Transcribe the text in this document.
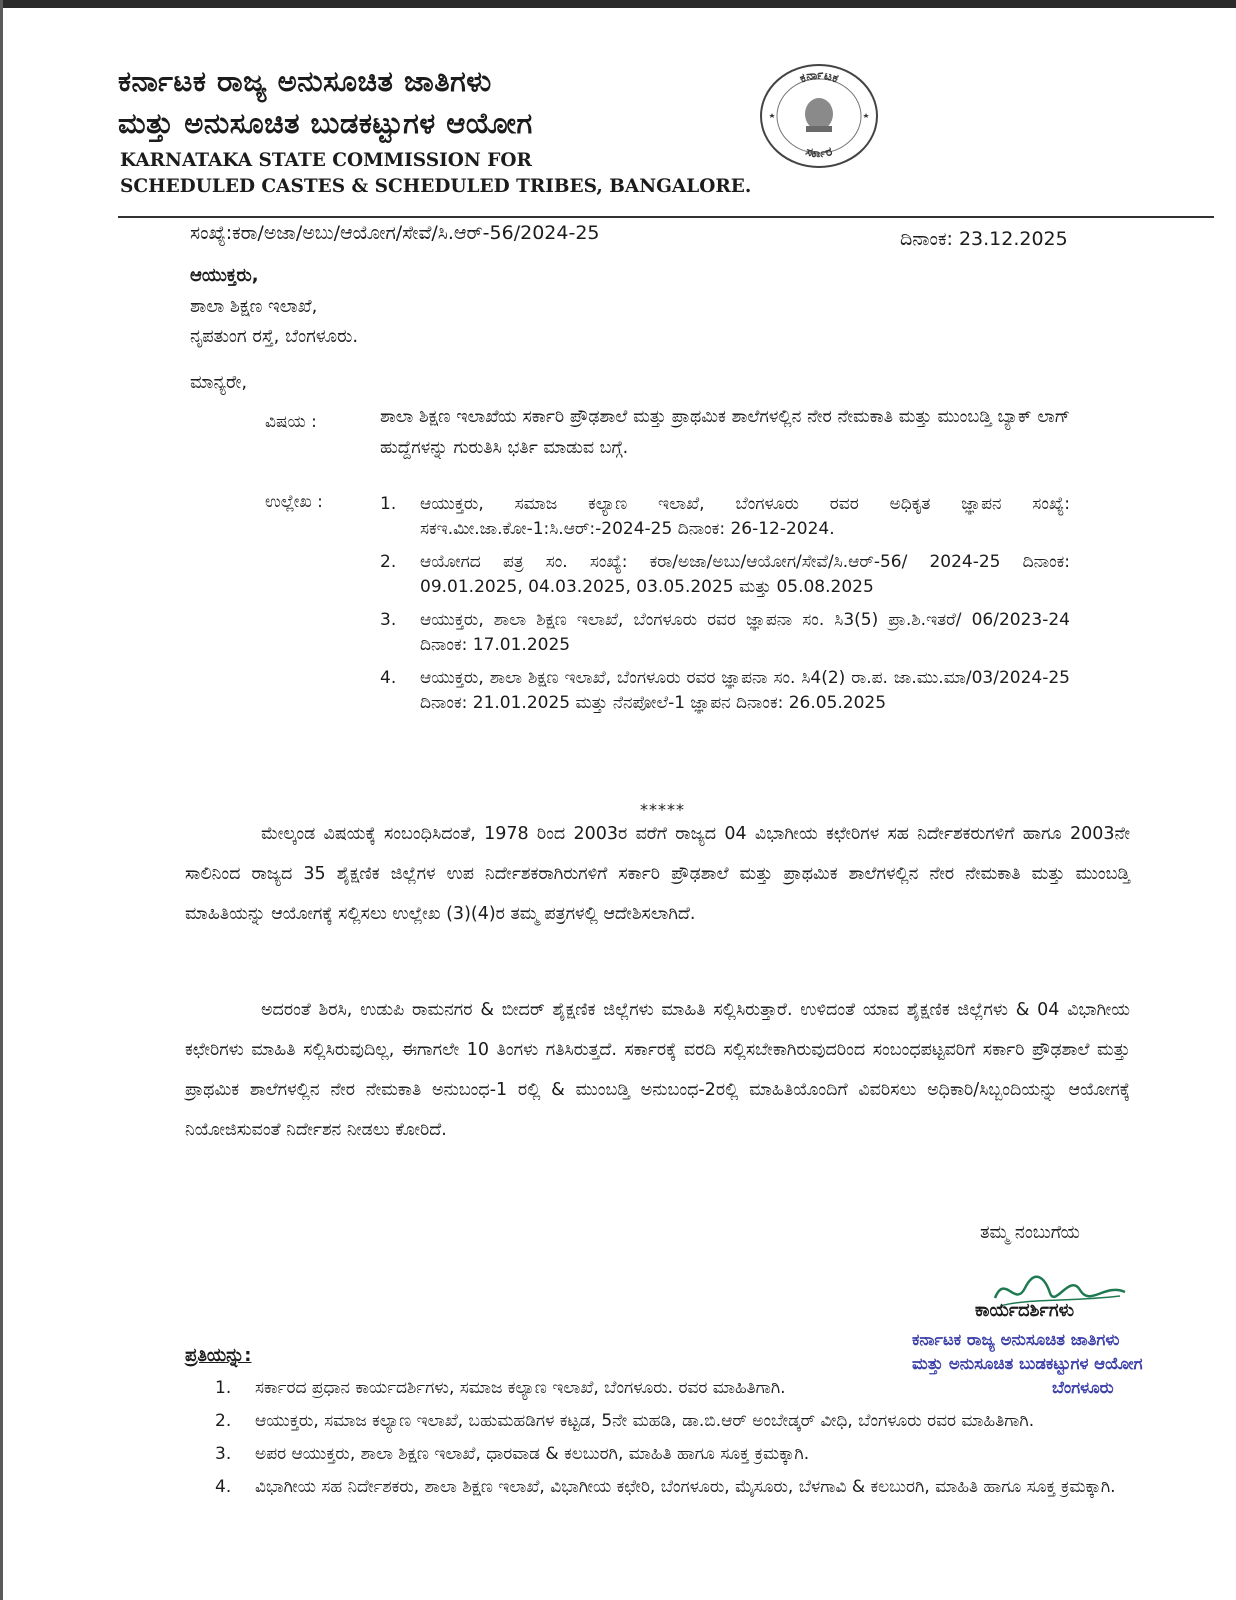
ಕರ್ನಾಟಕ ರಾಜ್ಯ ಅನುಸೂಚಿತ ಜಾತಿಗಳು
ಮತ್ತು ಅನುಸೂಚಿತ ಬುಡಕಟ್ಟುಗಳ ಆಯೋಗ
KARNATAKA STATE COMMISSION FOR
SCHEDULED CASTES & SCHEDULED TRIBES, BANGALORE.
ಕರ್ನಾಟಕ
ಸರ್ಕಾರ
ಸಂಖ್ಯೆ:ಕರಾ/ಅಜಾ/ಅಬು/ಆಯೋಗ/ಸೇವೆ/ಸಿ.ಆರ್-56/2024-25	ದಿನಾಂಕ: 23.12.2025
ಆಯುಕ್ತರು,
ಶಾಲಾ ಶಿಕ್ಷಣ ಇಲಾಖೆ,
ನೃಪತುಂಗ ರಸ್ತೆ, ಬೆಂಗಳೂರು.
ಮಾನ್ಯರೇ,
ವಿಷಯ :	ಶಾಲಾ ಶಿಕ್ಷಣ ಇಲಾಖೆಯ ಸರ್ಕಾರಿ ಪ್ರೌಢಶಾಲೆ ಮತ್ತು ಪ್ರಾಥಮಿಕ ಶಾಲೆಗಳಲ್ಲಿನ ನೇರ ನೇಮಕಾತಿ ಮತ್ತು ಮುಂಬಡ್ತಿ ಬ್ಯಾಕ್ ಲಾಗ್ ಹುದ್ದೆಗಳನ್ನು ಗುರುತಿಸಿ ಭರ್ತಿ ಮಾಡುವ ಬಗ್ಗೆ.
ಉಲ್ಲೇಖ :	1.	ಆಯುಕ್ತರು, ಸಮಾಜ ಕಲ್ಯಾಣ ಇಲಾಖೆ, ಬೆಂಗಳೂರು ರವರ ಅಧಿಕೃತ ಜ್ಞಾಪನ ಸಂಖ್ಯೆ: ಸಕಇ.ಮೀ.ಜಾ.ಕೋ-1:ಸಿ.ಆರ್:-2024-25 ದಿನಾಂಕ: 26-12-2024.
2.	ಆಯೋಗದ ಪತ್ರ ಸಂ. ಸಂಖ್ಯೆ: ಕರಾ/ಅಜಾ/ಅಬು/ಆಯೋಗ/ಸೇವೆ/ಸಿ.ಆರ್-56/ 2024-25 ದಿನಾಂಕ: 09.01.2025, 04.03.2025, 03.05.2025 ಮತ್ತು 05.08.2025
3.	ಆಯುಕ್ತರು, ಶಾಲಾ ಶಿಕ್ಷಣ ಇಲಾಖೆ, ಬೆಂಗಳೂರು ರವರ ಜ್ಞಾಪನಾ ಸಂ. ಸಿ3(5) ಪ್ರಾ.ಶಿ.ಇತರೆ/ 06/2023-24 ದಿನಾಂಕ: 17.01.2025
4.	ಆಯುಕ್ತರು, ಶಾಲಾ ಶಿಕ್ಷಣ ಇಲಾಖೆ, ಬೆಂಗಳೂರು ರವರ ಜ್ಞಾಪನಾ ಸಂ. ಸಿ4(2) ರಾ.ಪ. ಜಾ.ಮು.ಮಾ/03/2024-25 ದಿನಾಂಕ: 21.01.2025 ಮತ್ತು ನೆನಪೋಲೆ-1 ಜ್ಞಾಪನ ದಿನಾಂಕ: 26.05.2025
*****
ಮೇಲ್ಕಂಡ ವಿಷಯಕ್ಕೆ ಸಂಬಂಧಿಸಿದಂತೆ, 1978 ರಿಂದ 2003ರ ವರೆಗೆ ರಾಜ್ಯದ 04 ವಿಭಾಗೀಯ ಕಛೇರಿಗಳ ಸಹ ನಿರ್ದೇಶಕರುಗಳಿಗೆ ಹಾಗೂ 2003ನೇ ಸಾಲಿನಿಂದ ರಾಜ್ಯದ 35 ಶೈಕ್ಷಣಿಕ ಜಿಲ್ಲೆಗಳ ಉಪ ನಿರ್ದೇಶಕರಾಗಿರುಗಳಿಗೆ ಸರ್ಕಾರಿ ಪ್ರೌಢಶಾಲೆ ಮತ್ತು ಪ್ರಾಥಮಿಕ ಶಾಲೆಗಳಲ್ಲಿನ ನೇರ ನೇಮಕಾತಿ ಮತ್ತು ಮುಂಬಡ್ತಿ ಮಾಹಿತಿಯನ್ನು ಆಯೋಗಕ್ಕೆ ಸಲ್ಲಿಸಲು ಉಲ್ಲೇಖ (3)(4)ರ ತಮ್ಮ ಪತ್ರಗಳಲ್ಲಿ ಆದೇಶಿಸಲಾಗಿದೆ.
ಅದರಂತೆ ಶಿರಸಿ, ಉಡುಪಿ ರಾಮನಗರ & ಬೀದರ್ ಶೈಕ್ಷಣಿಕ ಜಿಲ್ಲೆಗಳು ಮಾಹಿತಿ ಸಲ್ಲಿಸಿರುತ್ತಾರೆ. ಉಳಿದಂತೆ ಯಾವ ಶೈಕ್ಷಣಿಕ ಜಿಲ್ಲೆಗಳು & 04 ವಿಭಾಗೀಯ ಕಛೇರಿಗಳು ಮಾಹಿತಿ ಸಲ್ಲಿಸಿರುವುದಿಲ್ಲ, ಈಗಾಗಲೇ 10 ತಿಂಗಳು ಗತಿಸಿರುತ್ತದೆ. ಸರ್ಕಾರಕ್ಕೆ ವರದಿ ಸಲ್ಲಿಸಬೇಕಾಗಿರುವುದರಿಂದ ಸಂಬಂಧಪಟ್ಟವರಿಗೆ ಸರ್ಕಾರಿ ಪ್ರೌಢಶಾಲೆ ಮತ್ತು ಪ್ರಾಥಮಿಕ ಶಾಲೆಗಳಲ್ಲಿನ ನೇರ ನೇಮಕಾತಿ ಅನುಬಂಧ-1 ರಲ್ಲಿ & ಮುಂಬಡ್ತಿ ಅನುಬಂಧ-2ರಲ್ಲಿ ಮಾಹಿತಿಯೊಂದಿಗೆ ವಿವರಿಸಲು ಅಧಿಕಾರಿ/ಸಿಬ್ಬಂದಿಯನ್ನು ಆಯೋಗಕ್ಕೆ ನಿಯೋಜಿಸುವಂತೆ ನಿರ್ದೇಶನ ನೀಡಲು ಕೋರಿದೆ.
ತಮ್ಮ ನಂಬುಗೆಯ
ಕಾರ್ಯದರ್ಶಿಗಳು
ಕರ್ನಾಟಕ ರಾಜ್ಯ ಅನುಸೂಚಿತ ಜಾತಿಗಳು
ಮತ್ತು ಅನುಸೂಚಿತ ಬುಡಕಟ್ಟುಗಳ ಆಯೋಗ
ಬೆಂಗಳೂರು
ಪ್ರತಿಯನ್ನು:
1.	ಸರ್ಕಾರದ ಪ್ರಧಾನ ಕಾರ್ಯದರ್ಶಿಗಳು, ಸಮಾಜ ಕಲ್ಯಾಣ ಇಲಾಖೆ, ಬೆಂಗಳೂರು. ರವರ ಮಾಹಿತಿಗಾಗಿ.
2.	ಆಯುಕ್ತರು, ಸಮಾಜ ಕಲ್ಯಾಣ ಇಲಾಖೆ, ಬಹುಮಹಡಿಗಳ ಕಟ್ಟಡ, 5ನೇ ಮಹಡಿ, ಡಾ.ಬಿ.ಆರ್ ಅಂಬೇಡ್ಕರ್ ವೀಧಿ, ಬೆಂಗಳೂರು ರವರ ಮಾಹಿತಿಗಾಗಿ.
3.	ಅಪರ ಆಯುಕ್ತರು, ಶಾಲಾ ಶಿಕ್ಷಣ ಇಲಾಖೆ, ಧಾರವಾಡ & ಕಲಬುರಗಿ, ಮಾಹಿತಿ ಹಾಗೂ ಸೂಕ್ತ ಕ್ರಮಕ್ಕಾಗಿ.
4.	ವಿಭಾಗೀಯ ಸಹ ನಿರ್ದೇಶಕರು, ಶಾಲಾ ಶಿಕ್ಷಣ ಇಲಾಖೆ, ವಿಭಾಗೀಯ ಕಛೇರಿ, ಬೆಂಗಳೂರು, ಮೈಸೂರು, ಬೆಳಗಾವಿ & ಕಲಬುರಗಿ, ಮಾಹಿತಿ ಹಾಗೂ ಸೂಕ್ತ ಕ್ರಮಕ್ಕಾಗಿ.
